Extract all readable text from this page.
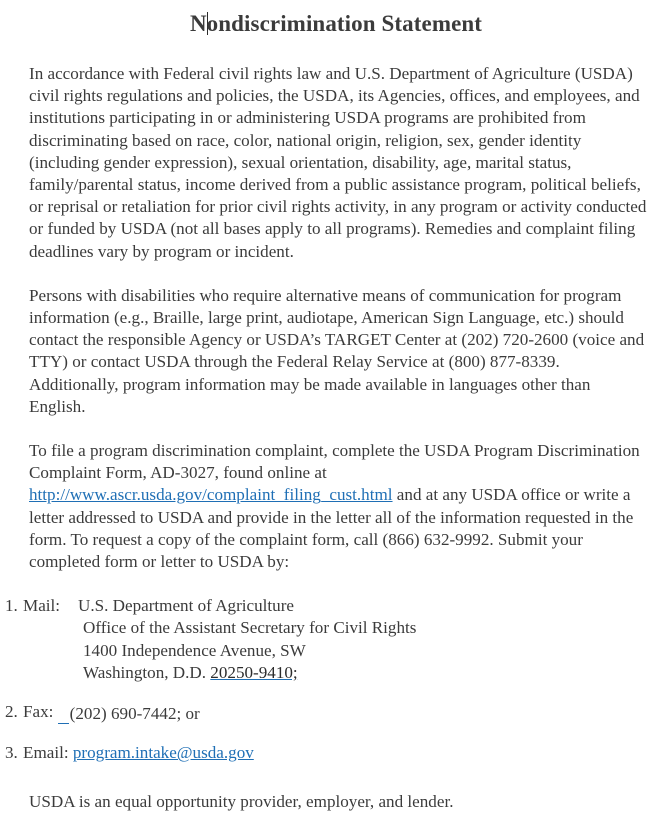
Nondiscrimination Statement

In accordance with Federal civil rights law and U.S. Department of Agriculture (USDA) civil rights regulations and policies, the USDA, its Agencies, offices, and employees, and institutions participating in or administering USDA programs are prohibited from discriminating based on race, color, national origin, religion, sex, gender identity (including gender expression), sexual orientation, disability, age, marital status, family/parental status, income derived from a public assistance program, political beliefs, or reprisal or retaliation for prior civil rights activity, in any program or activity conducted or funded by USDA (not all bases apply to all programs). Remedies and complaint filing deadlines vary by program or incident.

Persons with disabilities who require alternative means of communication for program information (e.g., Braille, large print, audiotape, American Sign Language, etc.) should contact the responsible Agency or USDA’s TARGET Center at (202) 720-2600 (voice and TTY) or contact USDA through the Federal Relay Service at (800) 877-8339. Additionally, program information may be made available in languages other than English.

To file a program discrimination complaint, complete the USDA Program Discrimination Complaint Form, AD-3027, found online at http://www.ascr.usda.gov/complaint_filing_cust.html and at any USDA office or write a letter addressed to USDA and provide in the letter all of the information requested in the form. To request a copy of the complaint form, call (866) 632-9992. Submit your completed form or letter to USDA by:

1. Mail:	U.S. Department of Agriculture
Office of the Assistant Secretary for Civil Rights
1400 Independence Avenue, SW
Washington, D.D. 20250-9410;
2. Fax: (202) 690-7442; or
3. Email: program.intake@usda.gov
USDA is an equal opportunity provider, employer, and lender.
